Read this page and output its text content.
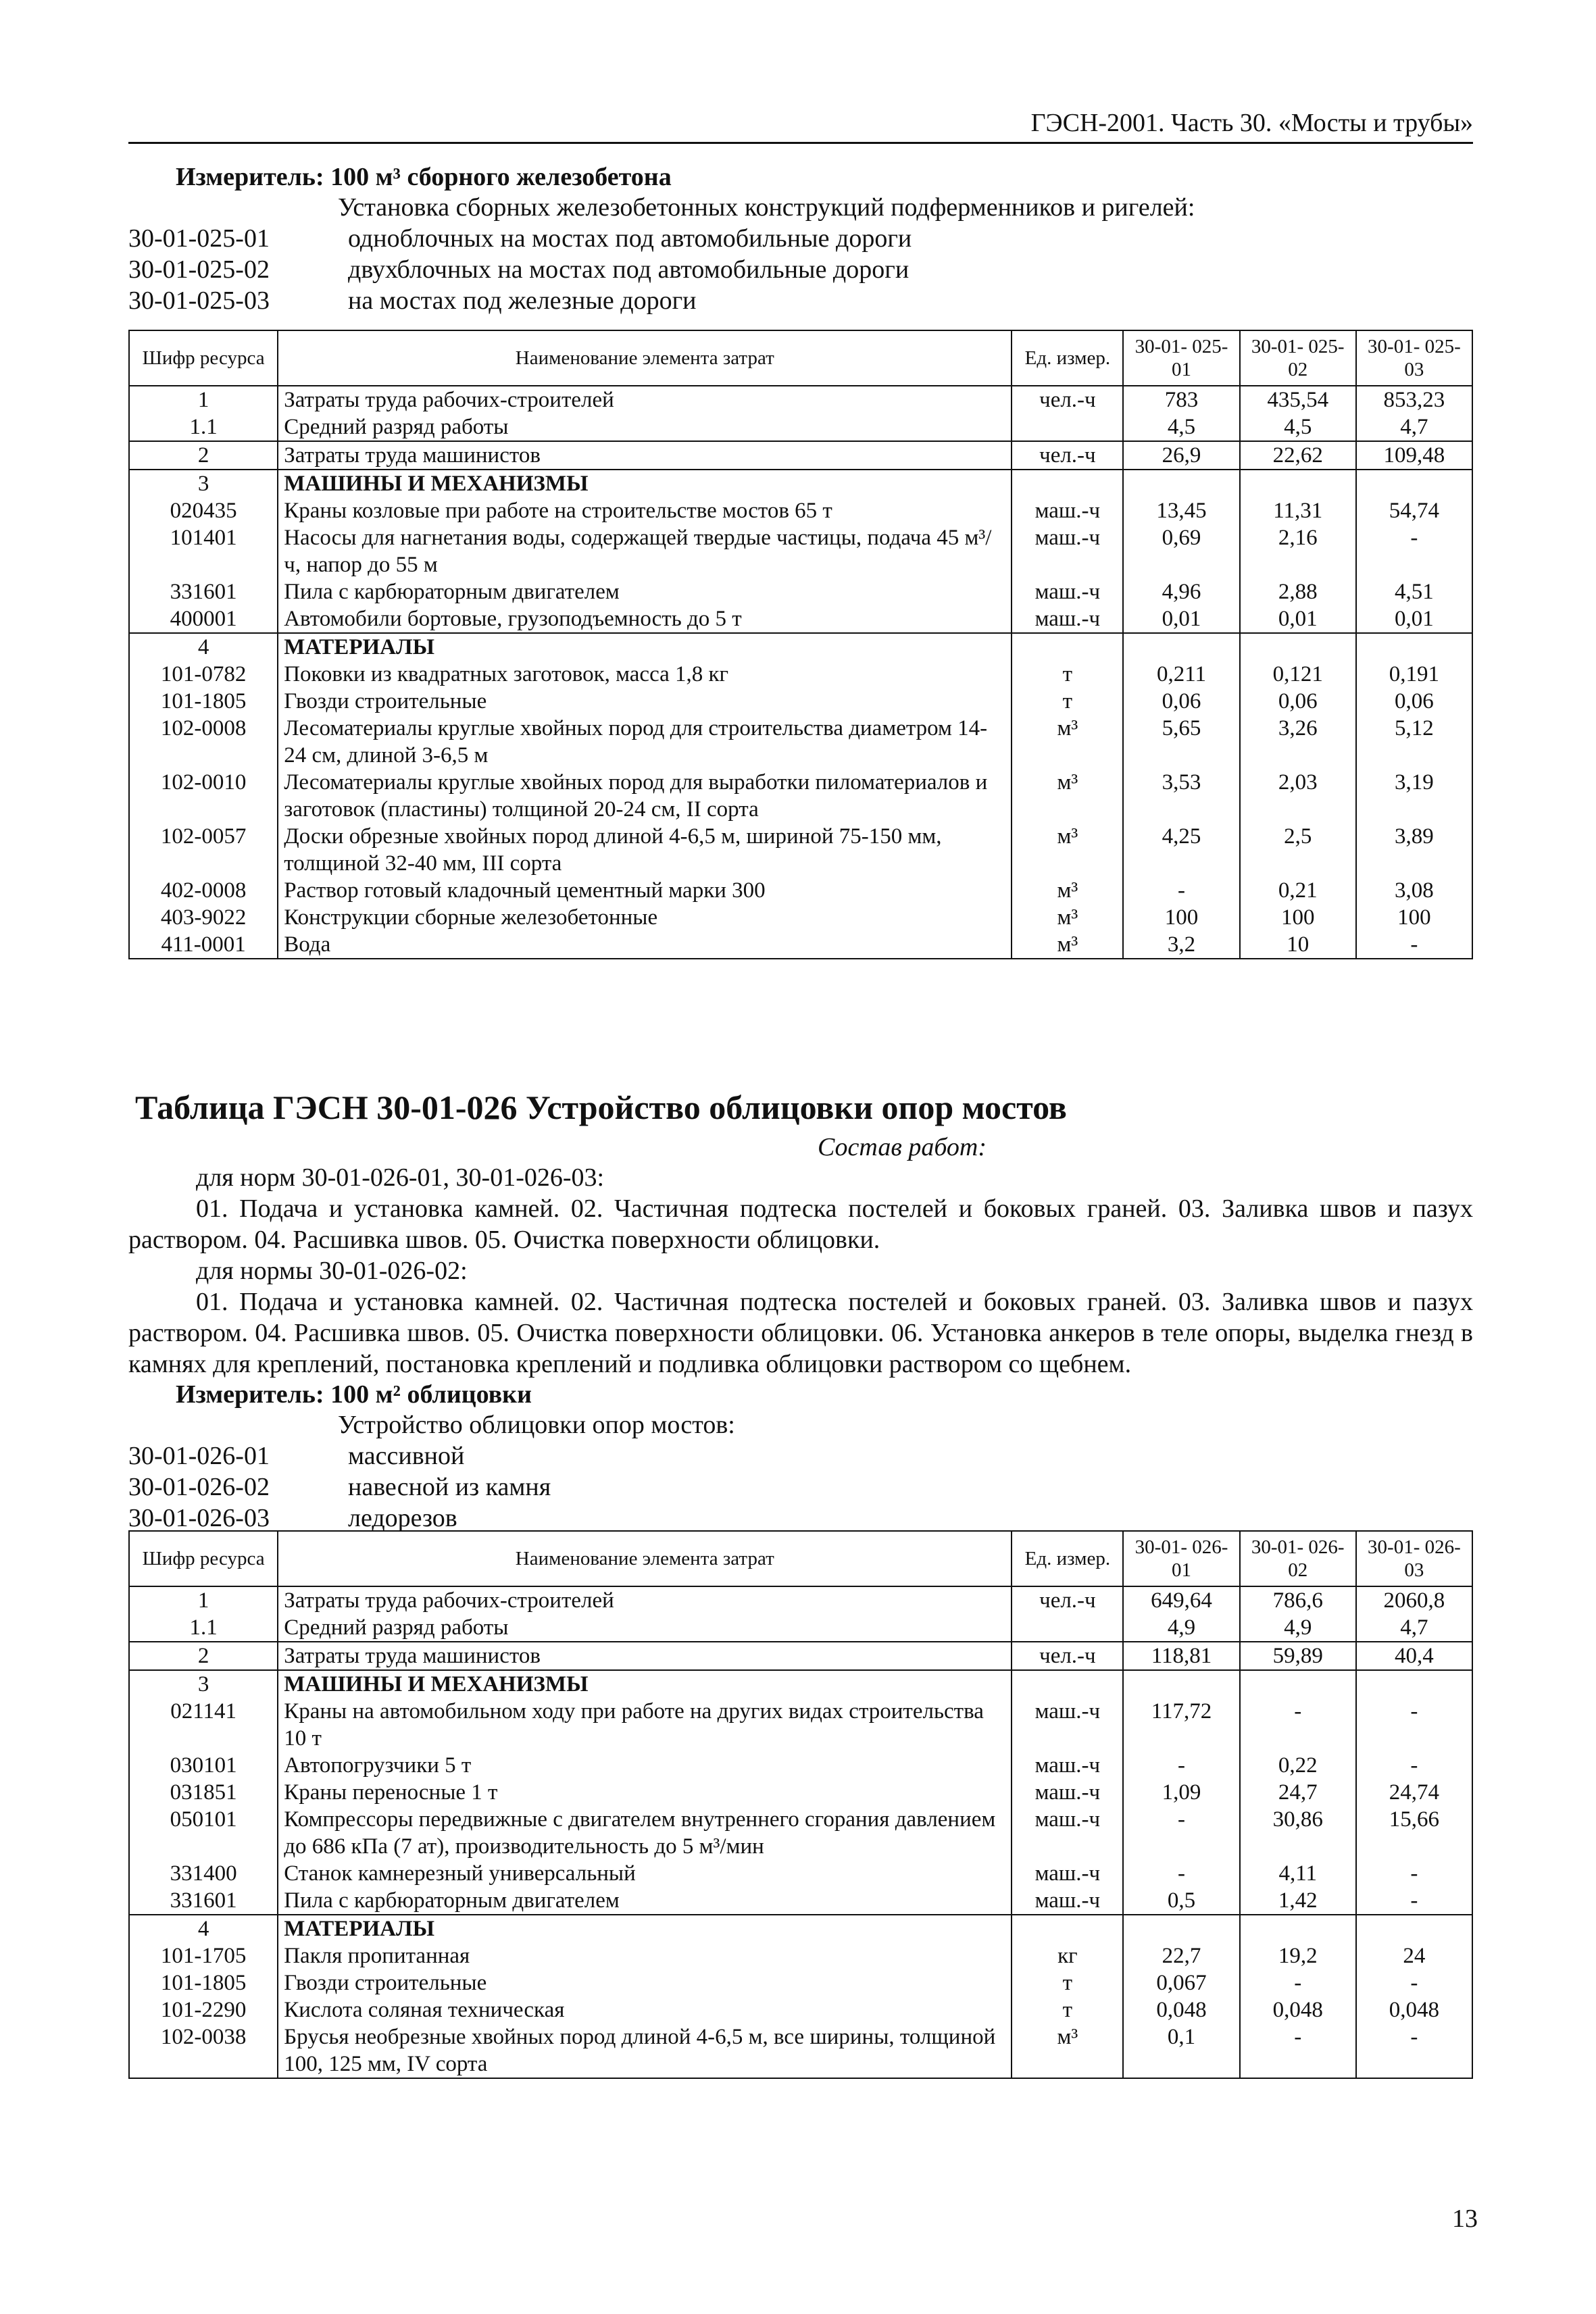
ГЭСН-2001. Часть 30. «Мосты и трубы»
Измеритель: 100 м³ сборного железобетона
Установка сборных железобетонных конструкций подферменников и ригелей:
30-01-025-01	одноблочных на мостах под автомобильные дороги
30-01-025-02	двухблочных на мостах под автомобильные дороги
30-01-025-03	на мостах под железные дороги
Шифр ресурса	Наименование элемента затрат	Ед. измер.	30-01- 025-01	30-01- 025-02	30-01- 025-03
1	Затраты труда рабочих-строителей	чел.-ч	783	435,54	853,23
1.1	Средний разряд работы		4,5	4,5	4,7
2	Затраты труда машинистов	чел.-ч	26,9	22,62	109,48
3	МАШИНЫ И МЕХАНИЗМЫ				
020435	Краны козловые при работе на строительстве мостов 65 т	маш.-ч	13,45	11,31	54,74
101401	Насосы для нагнетания воды, содержащей твердые частицы, подача 45 м³/ч, напор до 55 м	маш.-ч	0,69	2,16	-
331601	Пила с карбюраторным двигателем	маш.-ч	4,96	2,88	4,51
400001	Автомобили бортовые, грузоподъемность до 5 т	маш.-ч	0,01	0,01	0,01
4	МАТЕРИАЛЫ				
101-0782	Поковки из квадратных заготовок, масса 1,8 кг	т	0,211	0,121	0,191
101-1805	Гвозди строительные	т	0,06	0,06	0,06
102-0008	Лесоматериалы круглые хвойных пород для строительства диаметром 14-24 см, длиной 3-6,5 м	м³	5,65	3,26	5,12
102-0010	Лесоматериалы круглые хвойных пород для выработки пиломатериалов и заготовок (пластины) толщиной 20-24 см, II сорта	м³	3,53	2,03	3,19
102-0057	Доски обрезные хвойных пород длиной 4-6,5 м, шириной 75-150 мм, толщиной 32-40 мм, III сорта	м³	4,25	2,5	3,89
402-0008	Раствор готовый кладочный цементный марки 300	м³	-	0,21	3,08
403-9022	Конструкции сборные железобетонные	м³	100	100	100
411-0001	Вода	м³	3,2	10	-
Таблица ГЭСН 30-01-026 Устройство облицовки опор мостов
Состав работ:
для норм 30-01-026-01, 30-01-026-03:
01. Подача и установка камней. 02. Частичная подтеска постелей и боковых граней. 03. Заливка швов и пазух раствором. 04. Расшивка швов. 05. Очистка поверхности облицовки.
для нормы 30-01-026-02:
01. Подача и установка камней. 02. Частичная подтеска постелей и боковых граней. 03. Заливка швов и пазух раствором. 04. Расшивка швов. 05. Очистка поверхности облицовки. 06. Установка анкеров в теле опоры, выделка гнезд в камнях для креплений, постановка креплений и подливка облицовки раствором со щебнем.
Измеритель: 100 м² облицовки
Устройство облицовки опор мостов:
30-01-026-01	массивной
30-01-026-02	навесной из камня
30-01-026-03	ледорезов
Шифр ресурса	Наименование элемента затрат	Ед. измер.	30-01- 026-01	30-01- 026-02	30-01- 026-03
1	Затраты труда рабочих-строителей	чел.-ч	649,64	786,6	2060,8
1.1	Средний разряд работы		4,9	4,9	4,7
2	Затраты труда машинистов	чел.-ч	118,81	59,89	40,4
3	МАШИНЫ И МЕХАНИЗМЫ				
021141	Краны на автомобильном ходу при работе на других видах строительства 10 т	маш.-ч	117,72	-	-
030101	Автопогрузчики 5 т	маш.-ч	-	0,22	-
031851	Краны переносные 1 т	маш.-ч	1,09	24,7	24,74
050101	Компрессоры передвижные с двигателем внутреннего сгорания давлением до 686 кПа (7 ат), производительность до 5 м³/мин	маш.-ч	-	30,86	15,66
331400	Станок камнерезный универсальный	маш.-ч	-	4,11	-
331601	Пила с карбюраторным двигателем	маш.-ч	0,5	1,42	-
4	МАТЕРИАЛЫ				
101-1705	Пакля пропитанная	кг	22,7	19,2	24
101-1805	Гвозди строительные	т	0,067	-	-
101-2290	Кислота соляная техническая	т	0,048	0,048	0,048
102-0038	Брусья необрезные хвойных пород длиной 4-6,5 м, все ширины, толщиной 100, 125 мм, IV сорта	м³	0,1	-	-
13
